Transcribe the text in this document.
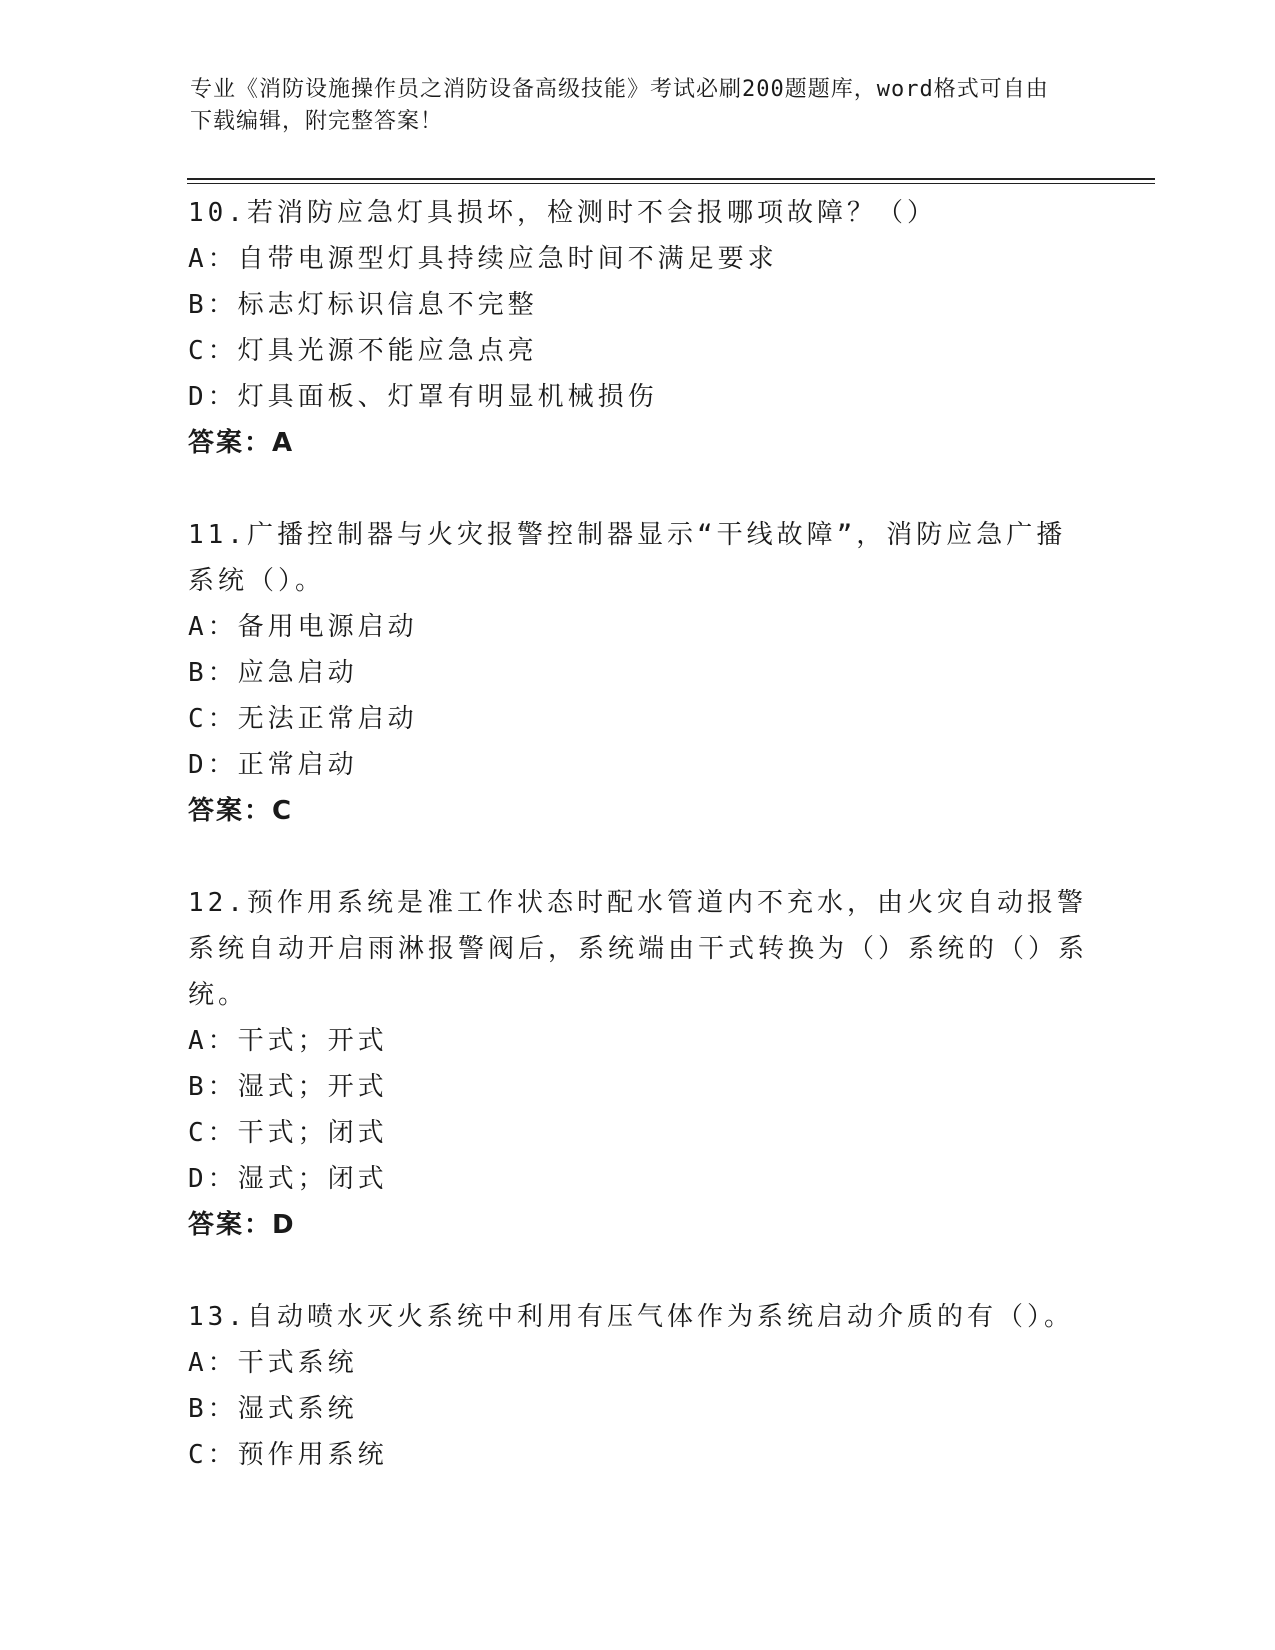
专业《消防设施操作员之消防设备高级技能》考试必刷200题题库，word格式可自由下载编辑，附完整答案！

10.若消防应急灯具损坏，检测时不会报哪项故障？（）

A：自带电源型灯具持续应急时间不满足要求

B：标志灯标识信息不完整

C：灯具光源不能应急点亮

D：灯具面板、灯罩有明显机械损伤

答案：A

11.广播控制器与火灾报警控制器显示“干线故障”，消防应急广播系统（）。

A：备用电源启动

B：应急启动

C：无法正常启动

D：正常启动

答案：C

12.预作用系统是准工作状态时配水管道内不充水，由火灾自动报警系统自动开启雨淋报警阀后，系统端由干式转换为（）系统的（）系统。

A：干式；开式

B：湿式；开式

C：干式；闭式

D：湿式；闭式

答案：D

13.自动喷水灭火系统中利用有压气体作为系统启动介质的有（）。

A：干式系统

B：湿式系统

C：预作用系统
